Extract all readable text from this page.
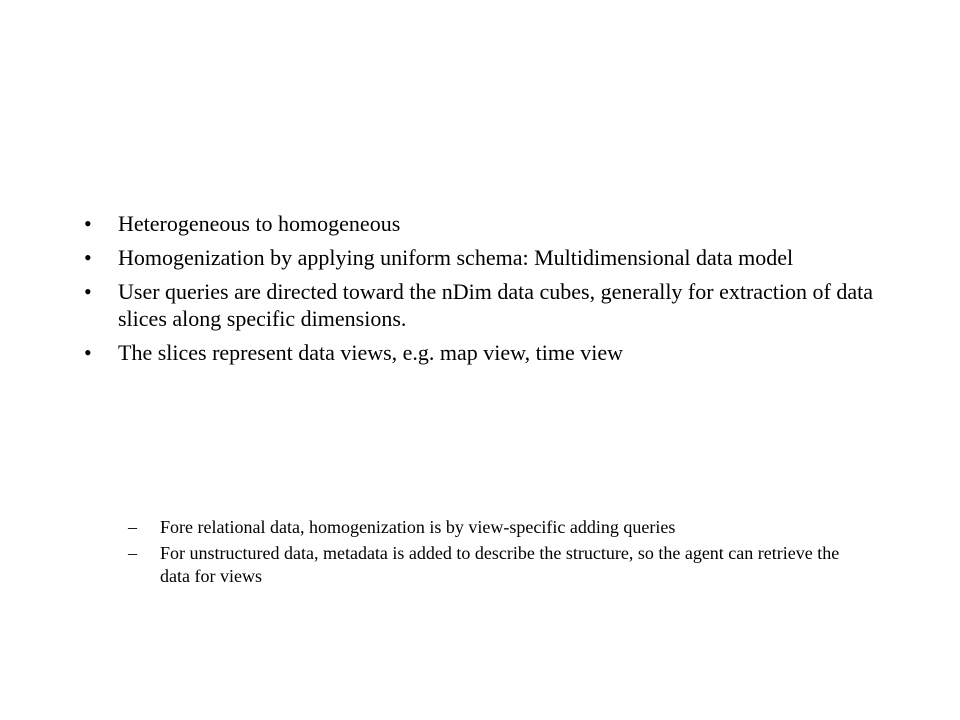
• Heterogeneous to homogeneous
• Homogenization by applying uniform schema: Multidimensional data model
• User queries are directed toward the nDim data cubes, generally for extraction of data slices along specific dimensions.
• The slices represent data views, e.g. map view, time view
– Fore relational data, homogenization is by view-specific adding queries
– For unstructured data, metadata is added to describe the structure, so the agent can retrieve the data for views
